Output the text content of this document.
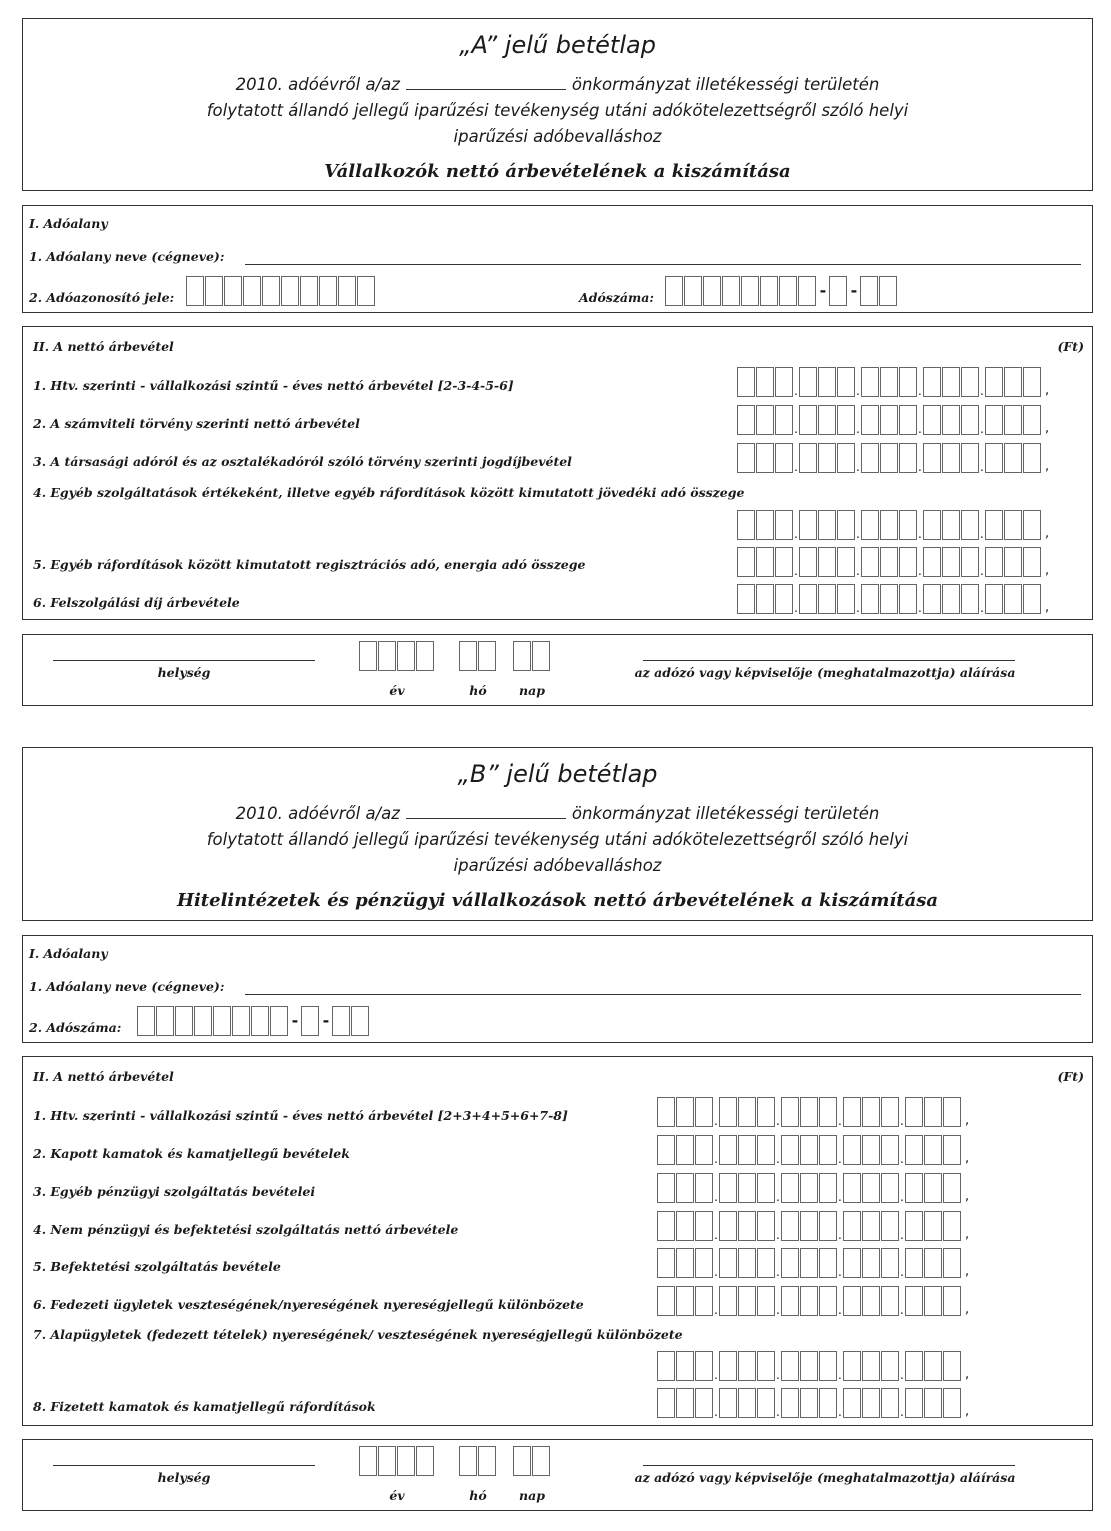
„A” jelű betétlap
2010. adóévről a/az	önkormányzat illetékességi területén
folytatott állandó jellegű iparűzési tevékenység utáni adókötelezettségről szóló helyi
iparűzési adóbevalláshoz
Vállalkozók nettó árbevételének a kiszámítása
I. Adóalany
1. Adóalany neve (cégneve):
2. Adóazonosító jele:	Adószáma:	- -
II. A nettó árbevétel	(Ft)
1. Htv. szerinti - vállalkozási szintű - éves nettó árbevétel [2-3-4-5-6]
.
.
.
.
,
2. A számviteli törvény szerinti nettó árbevétel
.
.
.
.
,
3. A társasági adóról és az osztalékadóról szóló törvény szerinti jogdíjbevétel
.
.
.
.
,
4. Egyéb szolgáltatások értékeként, illetve egyéb ráfordítások között kimutatott jövedéki adó összege
.
.
.
.
,
5. Egyéb ráfordítások között kimutatott regisztrációs adó, energia adó összege
.
.
.
.
,
6. Felszolgálási díj árbevétele
.
.
.
.
,
helység
év	hó	nap
az adózó vagy képviselője (meghatalmazottja) aláírása
„B” jelű betétlap
2010. adóévről a/az	önkormányzat illetékességi területén
folytatott állandó jellegű iparűzési tevékenység utáni adókötelezettségről szóló helyi
iparűzési adóbevalláshoz
Hitelintézetek és pénzügyi vállalkozások nettó árbevételének a kiszámítása
I. Adóalany
1. Adóalany neve (cégneve):
2. Adószáma:	- -
II. A nettó árbevétel	(Ft)
1. Htv. szerinti - vállalkozási szintű - éves nettó árbevétel [2+3+4+5+6+7-8]
.
.
.
.
,
2. Kapott kamatok és kamatjellegű bevételek
.
.
.
.
,
3. Egyéb pénzügyi szolgáltatás bevételei
.
.
.
.
,
4. Nem pénzügyi és befektetési szolgáltatás nettó árbevétele
.
.
.
.
,
5. Befektetési szolgáltatás bevétele
.
.
.
.
,
6. Fedezeti ügyletek veszteségének/nyereségének nyereségjellegű különbözete
.
.
.
.
,
7. Alapügyletek (fedezett tételek) nyereségének/ veszteségének nyereségjellegű különbözete
.
.
.
.
,
8. Fizetett kamatok és kamatjellegű ráfordítások
.
.
.
.
,
helység
év	hó	nap
az adózó vagy képviselője (meghatalmazottja) aláírása
